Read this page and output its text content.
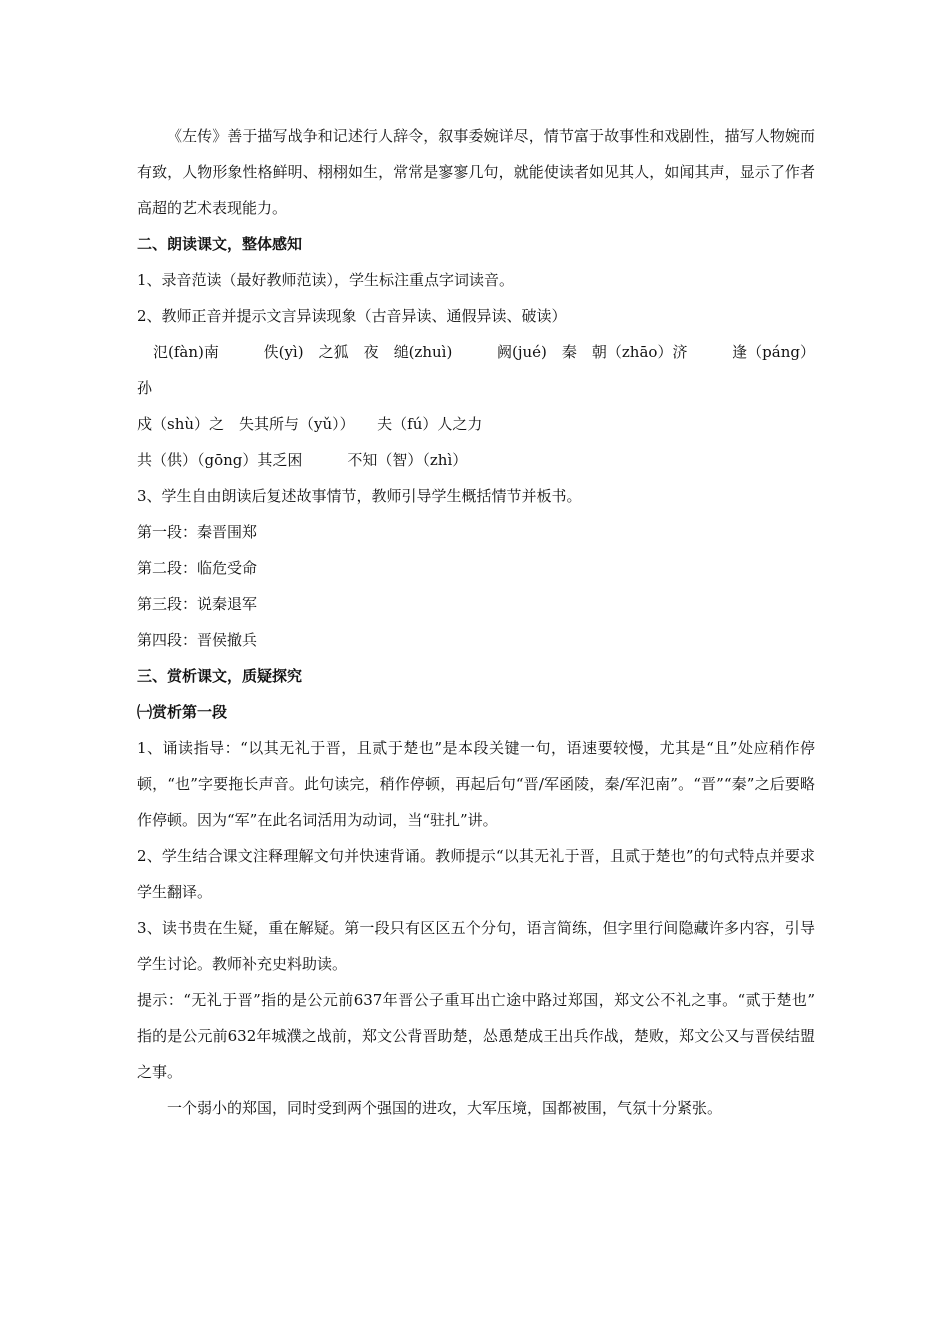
《左传》善于描写战争和记述行人辞令，叙事委婉详尽，情节富于故事性和戏剧性，描写人物婉而有致，人物形象性格鲜明、栩栩如生，常常是寥寥几句，就能使读者如见其人，如闻其声，显示了作者高超的艺术表现能力。

二、朗读课文，整体感知
1、录音范读（最好教师范读），学生标注重点字词读音。
2、教师正音并提示文言异读现象（古音异读、通假异读、破读）
氾(fàn)南	佚(yì)　之狐　夜　缒(zhuì)	阙(jué)　秦　朝（zhāo）济	逢（páng）
孙
戍（shù）之　失其所与（yǔ））　　夫（fú）人之力
共（供）（gōng）其乏困　　　不知（智）（zhì）
3、学生自由朗读后复述故事情节，教师引导学生概括情节并板书。
第一段：秦晋围郑
第二段：临危受命
第三段：说秦退军
第四段：晋侯撤兵
三、赏析课文，质疑探究
㈠赏析第一段

1、诵读指导：“以其无礼于晋，且贰于楚也”是本段关键一句，语速要较慢，尤其是“且”处应稍作停顿，“也”字要拖长声音。此句读完，稍作停顿，再起后句“晋/军函陵，秦/军氾南”。“晋”“秦”之后要略作停顿。因为“军”在此名词活用为动词，当“驻扎”讲。

2、学生结合课文注释理解文句并快速背诵。教师提示“以其无礼于晋，且贰于楚也”的句式特点并要求学生翻译。

3、读书贵在生疑，重在解疑。第一段只有区区五个分句，语言简练，但字里行间隐藏许多内容，引导学生讨论。教师补充史料助读。

提示：“无礼于晋”指的是公元前637年晋公子重耳出亡途中路过郑国，郑文公不礼之事。“贰于楚也” 指的是公元前632年城濮之战前，郑文公背晋助楚，怂恿楚成王出兵作战，楚败，郑文公又与晋侯结盟之事。

一个弱小的郑国，同时受到两个强国的进攻，大军压境，国都被围，气氛十分紧张。
